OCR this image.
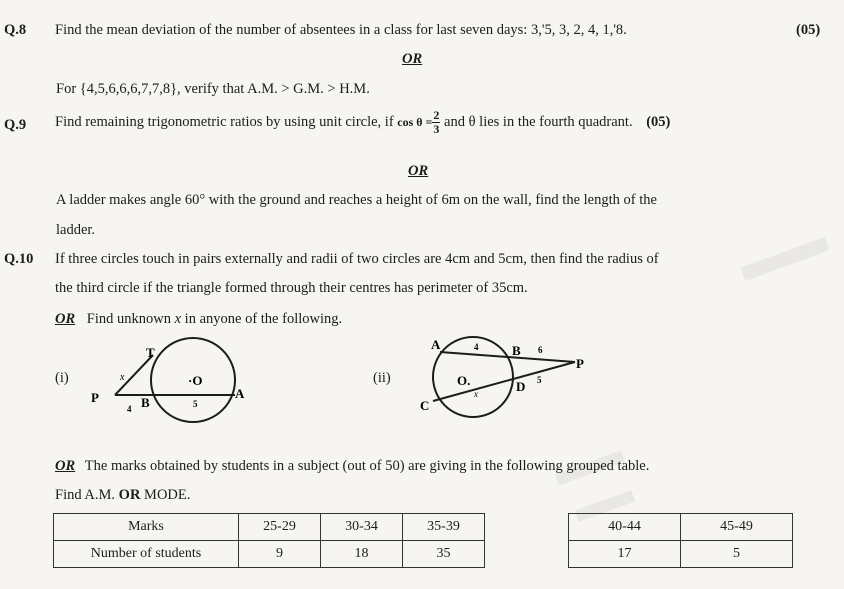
Q.8 Find the mean deviation of the number of absentees in a class for last seven days: 3,'5, 3, 2, 4, 1,'8.	(05)
OR
For {4,5,6,6,6,7,7,8}, verify that A.M. > G.M. > H.M.
Q.9 Find remaining trigonometric ratios by using unit circle, if $\cos \theta = \frac{2}{3}$ and θ lies in the fourth quadrant. (05)
OR
A ladder makes angle 60° with the ground and reaches a height of 6m on the wall, find the length of the
ladder.
Q.10 If three circles touch in pairs externally and radii of two circles are 4cm and 5cm, then find the radius of
the third circle if the triangle formed through their centres has perimeter of 35cm.
OR Find unknown x in anyone of the following.
(i)
T
x
P
4 B
·O
5
A
(ii)
A	4	B 6
P
O.	5
D
x
C
OR The marks obtained by students in a subject (out of 50) are giving in the following grouped table.
Find A.M. OR MODE.
Marks	25-29	30-34	35-39
Number of students	9	18	35
40-44	45-49
17	5
